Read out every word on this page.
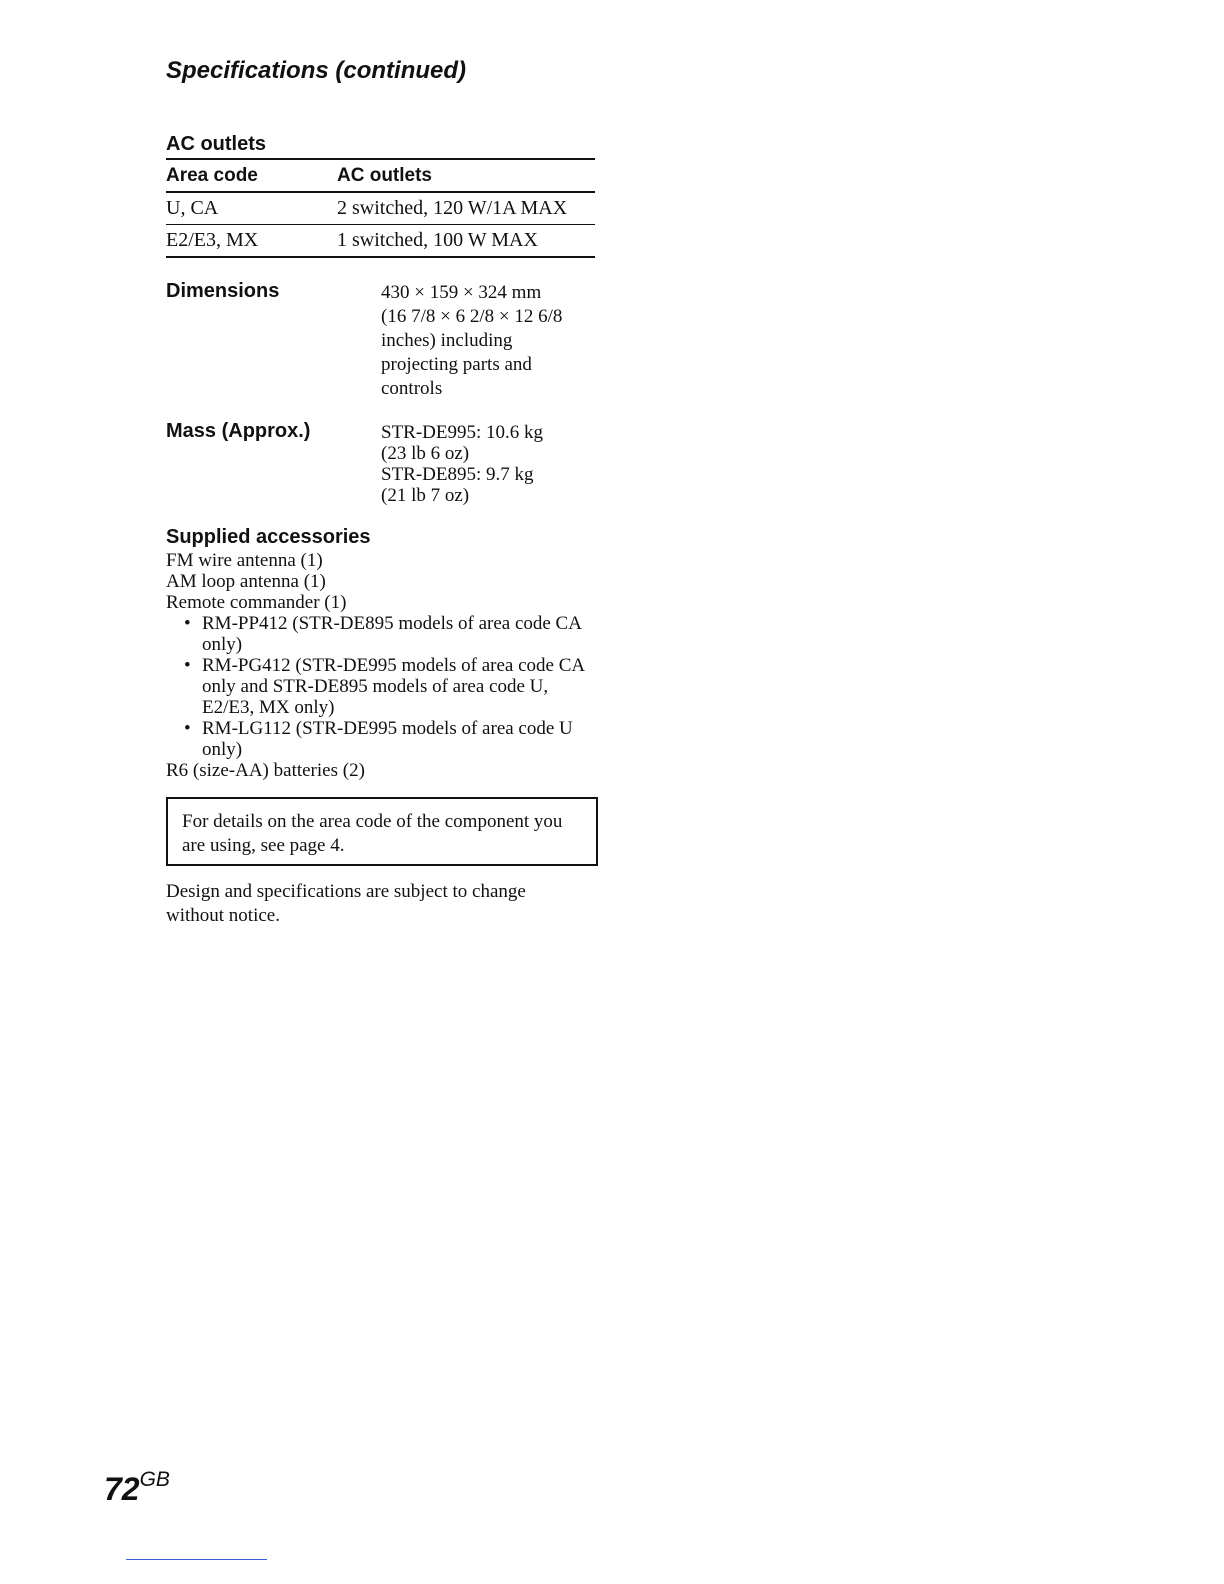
Specifications (continued)
AC outlets
Area code	AC outlets
U, CA	2 switched, 120 W/1A MAX
E2/E3, MX	1 switched, 100 W MAX
Dimensions	430 × 159 × 324 mm
(16 7/8 × 6 2/8 × 12 6/8
inches) including
projecting parts and
controls

Mass (Approx.)	STR-DE995: 10.6 kg
(23 lb 6 oz)
STR-DE895: 9.7 kg
(21 lb 7 oz)

Supplied accessories
FM wire antenna (1)
AM loop antenna (1)
Remote commander (1)
• RM-PP412 (STR-DE895 models of area code CA only)
• RM-PG412 (STR-DE995 models of area code CA only and STR-DE895 models of area code U, E2/E3, MX only)
• RM-LG112 (STR-DE995 models of area code U only)
R6 (size-AA) batteries (2)
For details on the area code of the component you are using, see page 4.

Design and specifications are subject to change without notice.

$72^{GB}$
